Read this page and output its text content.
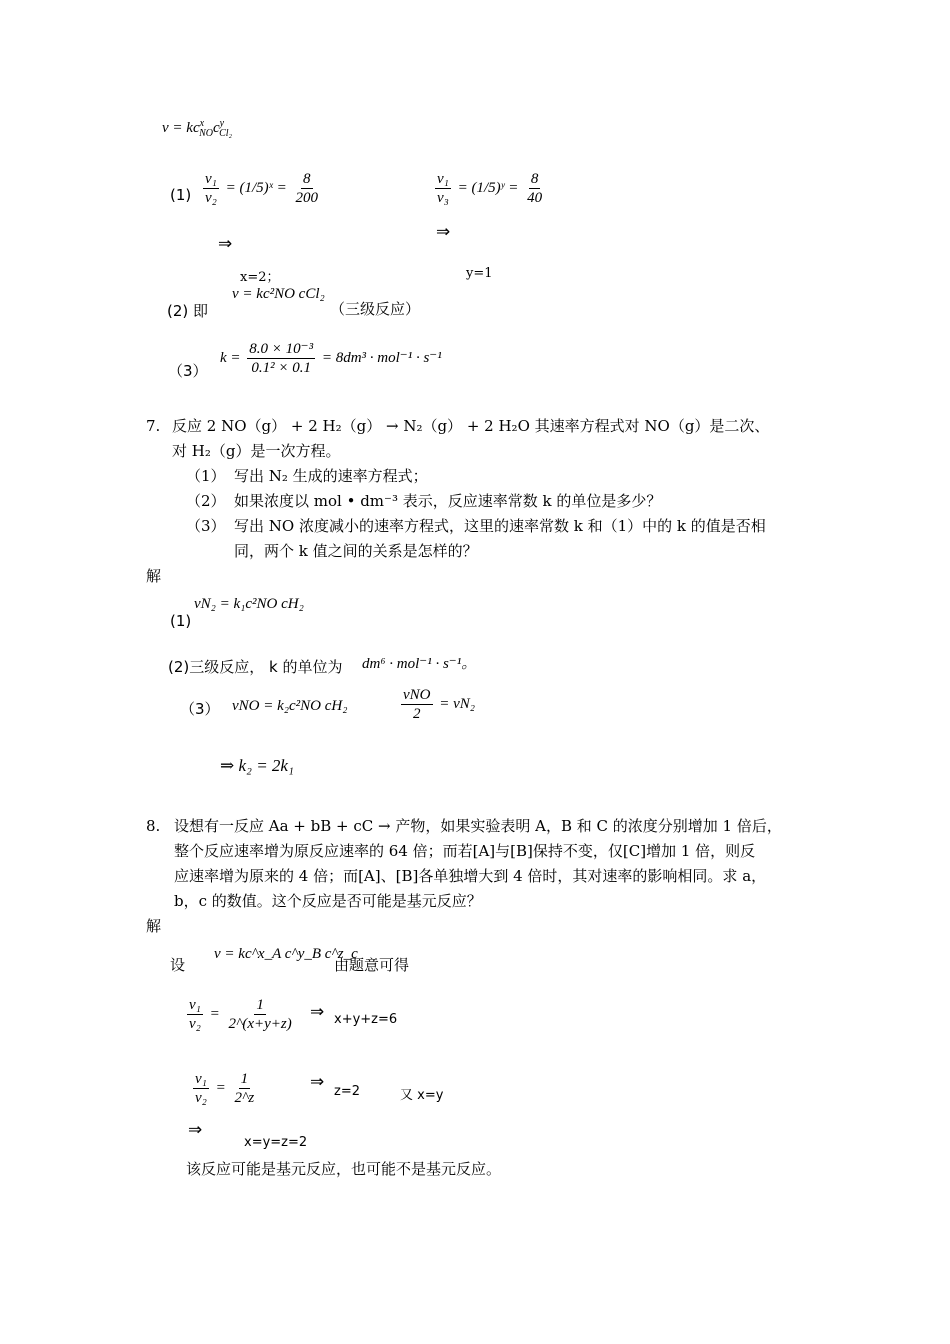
$v = kc^x_{NO}c^y_{Cl_2}$
$(1) \frac{\text{v₁}}{\text{v₂}}$ = (1/5)ˣ = $\frac{8}{200}$	$\frac{\text{v₁}}{\text{v₃}}$ = (1/5)ʸ = $\frac{8}{40}$
⇒
⇒
x=2；	y=1
(2) 即
v = kc²NO cCl₂
（三级反应）
（3）
$k = \frac{\text{8.0 × 10⁻³}}{\text{0.1² × 0.1}} = 8dm^3 \cdot mol^{-1} \cdot s^{-1}$
7. 反应 2 NO（g） + 2 H₂（g） → N₂（g） + 2 H₂O 其速率方程式对 NO（g）是二次、
对 H₂（g）是一次方程。
（1） 写出 N₂ 生成的速率方程式；
（2） 如果浓度以 mol • dm⁻³ 表示，反应速率常数 k 的单位是多少？
（3） 写出 NO 浓度减小的速率方程式，这里的速率常数 k 和（1）中的 k 的值是否相
同，两个 k 值之间的关系是怎样的？
解
(1)
vN₂ = k₁c²NO cH₂
(2)三级反应， k 的单位为 dm⁶ · mol⁻¹ · s⁻¹。
（3） vNO = k₂c²NO cH₂	$\frac{\text{vNO}}{2} = vN_2$
⇒ k₂ = 2k₁
8. 设想有一反应 Aa + bB + cC → 产物，如果实验表明 A，B 和 C 的浓度分别增加 1 倍后，
整个反应速率增为原反应速率的 64 倍；而若[A]与[B]保持不变，仅[C]增加 1 倍，则反
应速率增为原来的 4 倍；而[A]、[B]各单独增大到 4 倍时，其对速率的影响相同。求 a，
b，c 的数值。这个反应是否可能是基元反应？
解
设
v = kc^x_A c^y_B c^z_c
由题意可得
$\frac{\text{v₁}}{\text{v₂}} = \frac{1}{2\^{}(x+y+z)}$ ⇒ x+y+z=6
$\frac{\text{v₁}}{\text{v₂}} = \frac{1}{2\^{}z}$	⇒ z=2	又 x=y
⇒
x=y=z=2
该反应可能是基元反应，也可能不是基元反应。
